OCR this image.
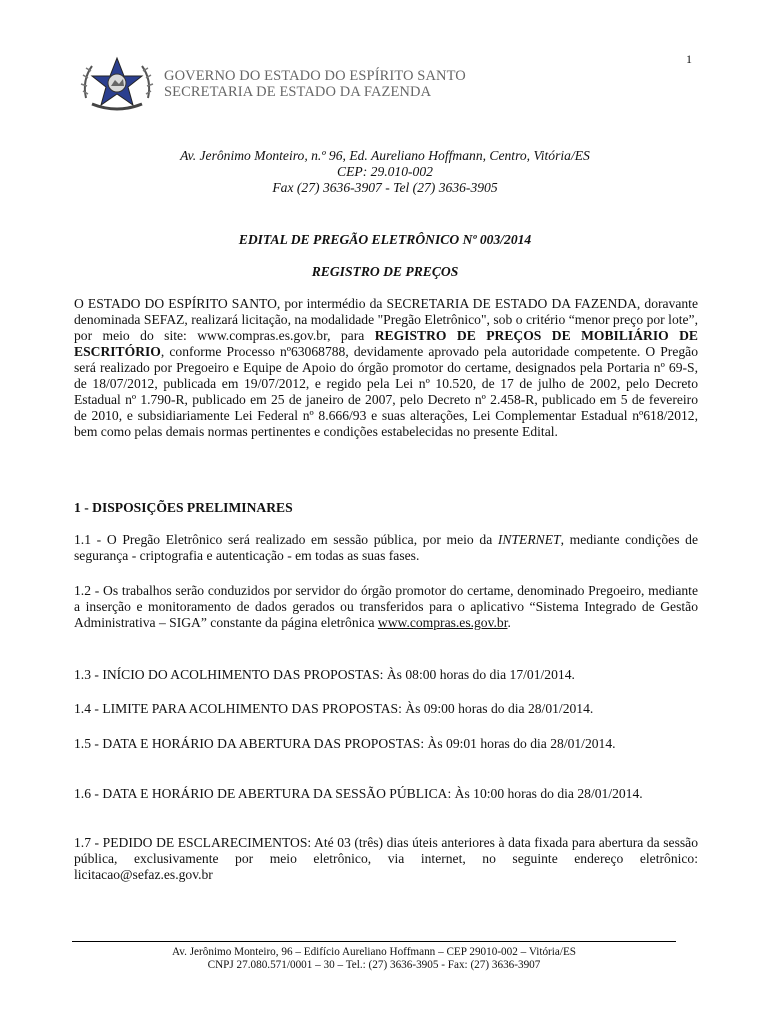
1
GOVERNO DO ESTADO DO ESPÍRITO SANTO
SECRETARIA DE ESTADO DA FAZENDA
Av. Jerônimo Monteiro, n.º 96, Ed. Aureliano Hoffmann, Centro, Vitória/ES
CEP: 29.010-002
Fax (27) 3636-3907 - Tel (27) 3636-3905
EDITAL DE PREGÃO ELETRÔNICO Nº 003/2014
REGISTRO DE PREÇOS

O ESTADO DO ESPÍRITO SANTO, por intermédio da SECRETARIA DE ESTADO DA FAZENDA, doravante denominada SEFAZ, realizará licitação, na modalidade "Pregão Eletrônico", sob o critério “menor preço por lote”, por meio do site: www.compras.es.gov.br, para REGISTRO DE PREÇOS DE MOBILIÁRIO DE ESCRITÓRIO, conforme Processo nº63068788, devidamente aprovado pela autoridade competente. O Pregão será realizado por Pregoeiro e Equipe de Apoio do órgão promotor do certame, designados pela Portaria nº 69-S, de 18/07/2012, publicada em 19/07/2012, e regido pela Lei nº 10.520, de 17 de julho de 2002, pelo Decreto Estadual nº 1.790-R, publicado em 25 de janeiro de 2007, pelo Decreto nº 2.458-R, publicado em 5 de fevereiro de 2010, e subsidiariamente Lei Federal nº 8.666/93 e suas alterações, Lei Complementar Estadual nº618/2012, bem como pelas demais normas pertinentes e condições estabelecidas no presente Edital.

1 - DISPOSIÇÕES PRELIMINARES

1.1 - O Pregão Eletrônico será realizado em sessão pública, por meio da INTERNET, mediante condições de segurança - criptografia e autenticação - em todas as suas fases.

1.2 - Os trabalhos serão conduzidos por servidor do órgão promotor do certame, denominado Pregoeiro, mediante a inserção e monitoramento de dados gerados ou transferidos para o aplicativo “Sistema Integrado de Gestão Administrativa – SIGA” constante da página eletrônica www.compras.es.gov.br.

1.3 - INÍCIO DO ACOLHIMENTO DAS PROPOSTAS: Às 08:00 horas do dia 17/01/2014.

1.4 - LIMITE PARA ACOLHIMENTO DAS PROPOSTAS: Às 09:00 horas do dia 28/01/2014.

1.5 - DATA E HORÁRIO DA ABERTURA DAS PROPOSTAS: Às 09:01 horas do dia 28/01/2014.

1.6 - DATA E HORÁRIO DE ABERTURA DA SESSÃO PÚBLICA: Às 10:00 horas do dia 28/01/2014.

1.7 - PEDIDO DE ESCLARECIMENTOS: Até 03 (três) dias úteis anteriores à data fixada para abertura da sessão pública, exclusivamente por meio eletrônico, via internet, no seguinte endereço eletrônico: licitacao@sefaz.es.gov.br

Av. Jerônimo Monteiro, 96 – Edifício Aureliano Hoffmann – CEP 29010-002 – Vitória/ES
CNPJ 27.080.571/0001 – 30 – Tel.: (27) 3636-3905 - Fax: (27) 3636-3907
